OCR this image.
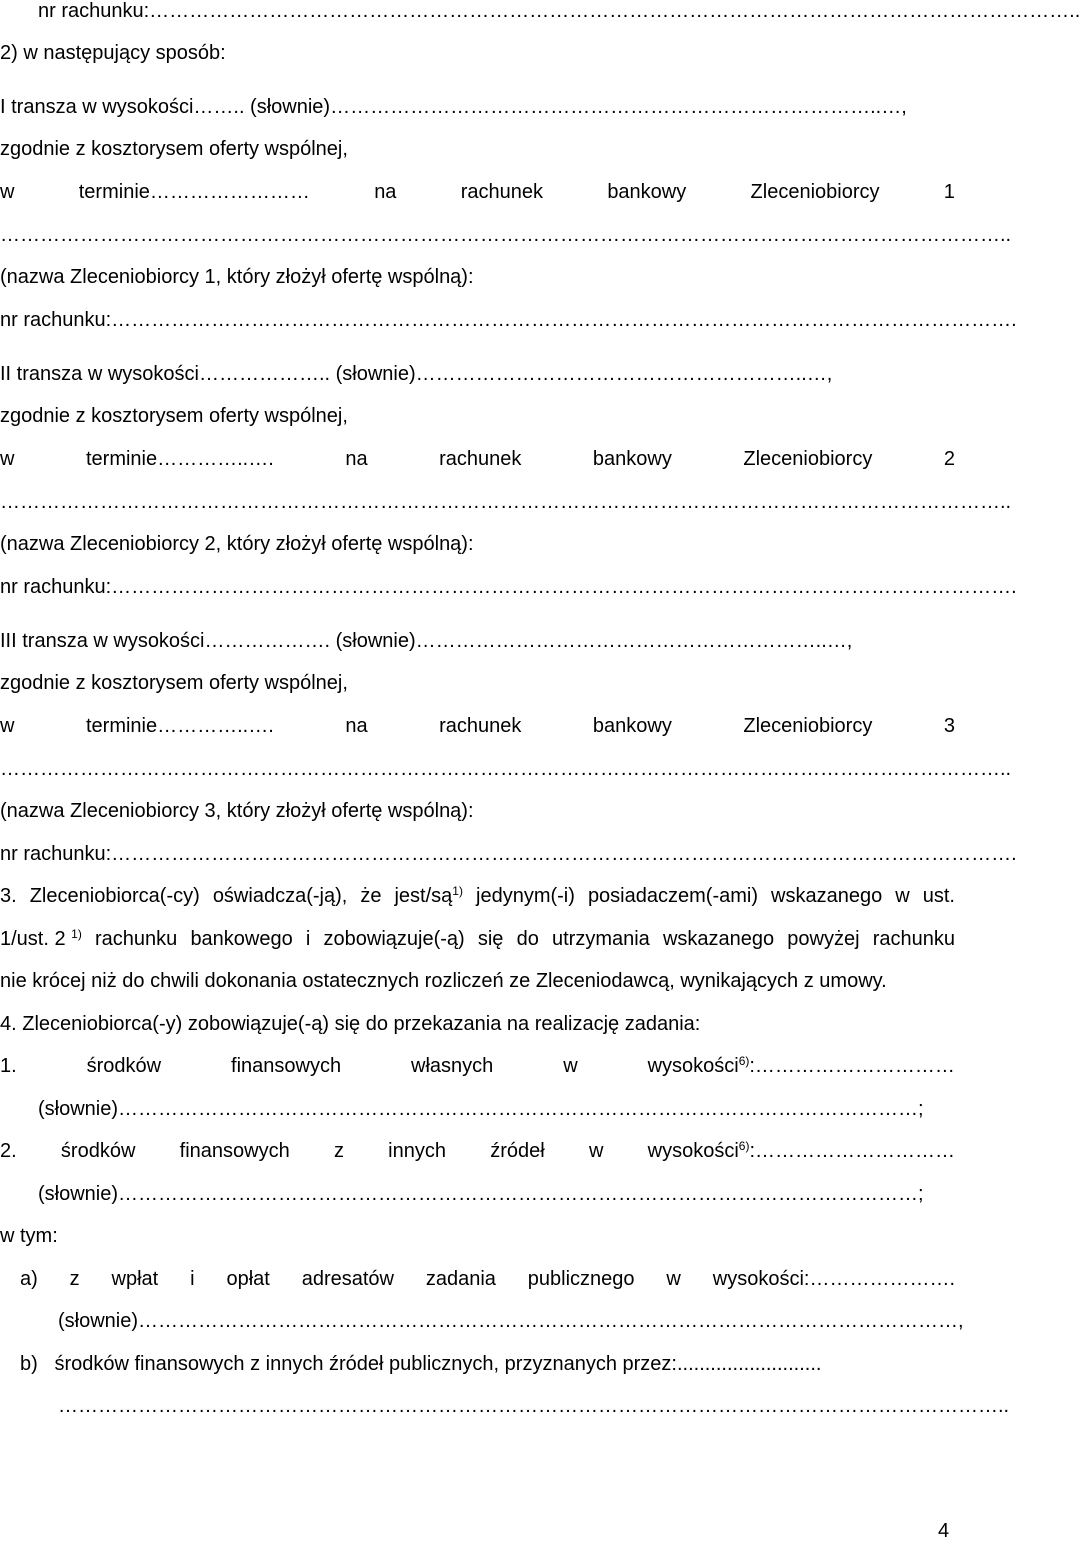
nr rachunku:…………………………………………………………………………………………………………………………..
2) w następujący sposób:
I transza w wysokości…….. (słownie)………………………………………………………………………..…,
zgodnie z kosztorysem oferty wspólnej,
w	terminie……………………	na	rachunek	bankowy	Zleceniobiorcy	1
……………………………………………………………………………………………………………………………………..
(nazwa Zleceniobiorcy 1, który złożył ofertę wspólną):
nr rachunku:……………………………………………………………………………………………………………………….
II transza w wysokości……………….. (słownie)…………………………………………………..…,
zgodnie z kosztorysem oferty wspólnej,
w	terminie…………..….	na	rachunek	bankowy	Zleceniobiorcy	2
……………………………………………………………………………………………………………………………………..
(nazwa Zleceniobiorcy 2, który złożył ofertę wspólną):
nr rachunku:……………………………………………………………………………………………………………………….
III transza w wysokości………………. (słownie)……………………………………………………..…,
zgodnie z kosztorysem oferty wspólnej,
w	terminie…………..….	na	rachunek	bankowy	Zleceniobiorcy	3
……………………………………………………………………………………………………………………………………..
(nazwa Zleceniobiorcy 3, który złożył ofertę wspólną):
nr rachunku:……………………………………………………………………………………………………………………….
3. Zleceniobiorca(-cy) oświadcza(-ją), że jest/$są^{1)}$ jedynym(-i) posiadaczem(-ami) wskazanego w ust.
1/ust. 2 $^{1)}$ rachunku bankowego i zobowiązuje(-ą) się do utrzymania wskazanego powyżej rachunku
nie krócej niż do chwili dokonania ostatecznych rozliczeń ze Zleceniodawcą, wynikających z umowy.
4. Zleceniobiorca(-y) zobowiązuje(-ą) się do przekazania na realizację zadania:
1.	środków	finansowych	własnych	w	wysokości$^{6)}$:…………………………
(słownie)…………………………………………………………………………………………………………;
2. środków finansowych z innych źródeł w wysokości$^{6)}$:…………………………
(słownie)…………………………………………………………………………………………………………;
w tym:
a) z wpłat i opłat adresatów zadania publicznego w wysokości:………………….
(słownie)……………………………………………………………………………………………………………,
b)   środków finansowych z innych źródeł publicznych, przyznanych przez:..........................
……………………………………………………………………………………………………………………………..
4
